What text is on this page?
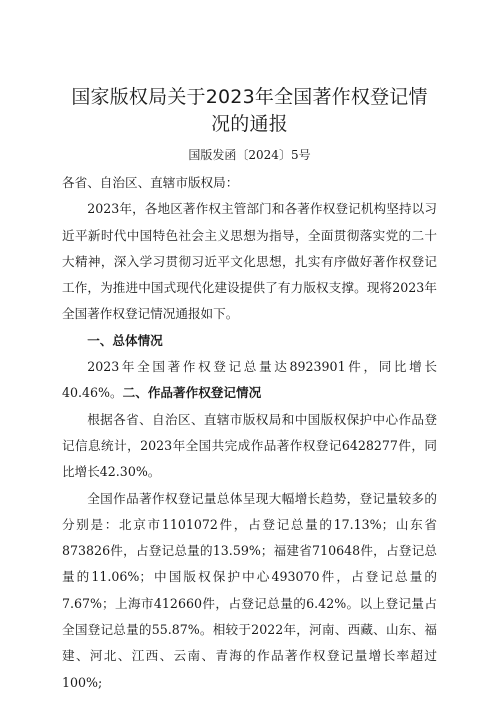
国家版权局关于2023年全国著作权登记情况的通报
国版发函〔2024〕5号

各省、自治区、直辖市版权局：

2023年，各地区著作权主管部门和各著作权登记机构坚持以习近平新时代中国特色社会主义思想为指导，全面贯彻落实党的二十大精神，深入学习贯彻习近平文化思想，扎实有序做好著作权登记工作，为推进中国式现代化建设提供了有力版权支撑。现将2023年全国著作权登记情况通报如下。

一、总体情况

2023年全国著作权登记总量达8923901件，同比增长40.46%。二、作品著作权登记情况

根据各省、自治区、直辖市版权局和中国版权保护中心作品登记信息统计，2023年全国共完成作品著作权登记6428277件，同比增长42.30%。

全国作品著作权登记量总体呈现大幅增长趋势，登记量较多的分别是：北京市1101072件，占登记总量的17.13%；山东省873826件，占登记总量的13.59%；福建省710648件，占登记总量的11.06%；中国版权保护中心493070件，占登记总量的7.67%；上海市412660件，占登记总量的6.42%。以上登记量占全国登记总量的55.87%。相较于2022年，河南、西藏、山东、福建、河北、江西、云南、青海的作品著作权登记量增长率超过100%;
